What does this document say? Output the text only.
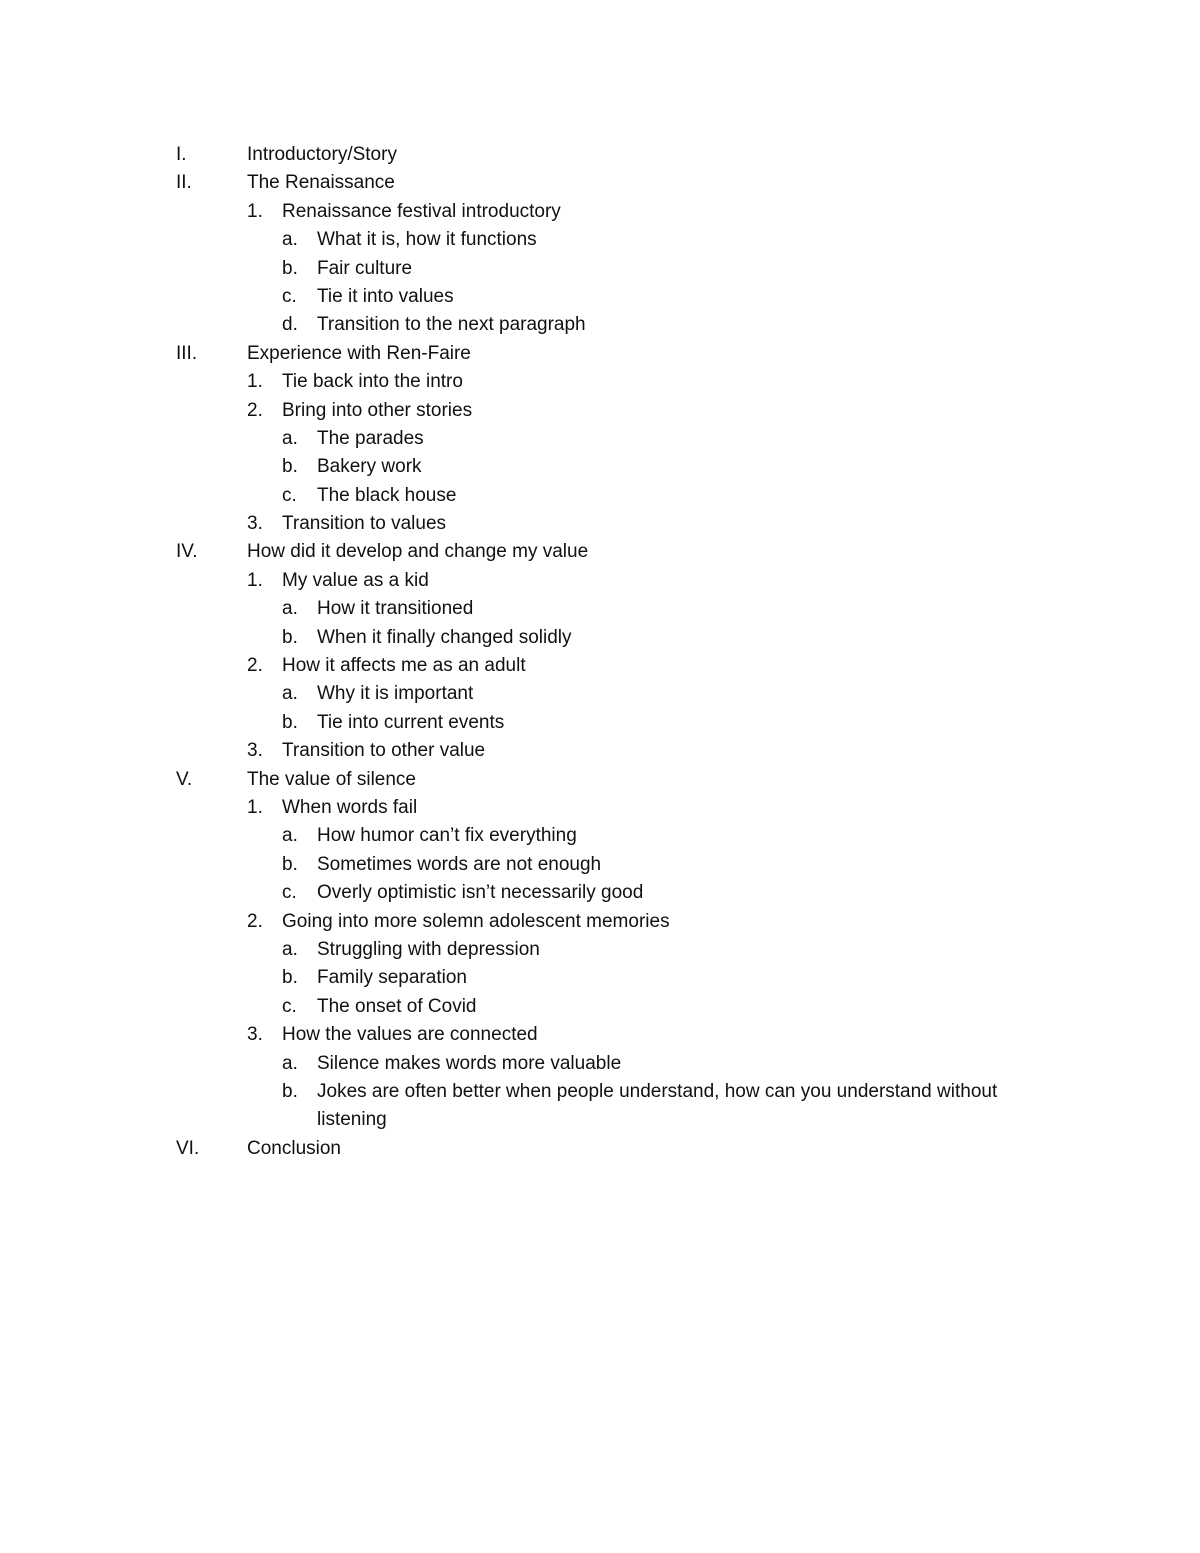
I.	Introductory/Story
II.	The Renaissance
1. Renaissance festival introductory
a. What it is, how it functions
b. Fair culture
c. Tie it into values
d. Transition to the next paragraph
III.	Experience with Ren-Faire
1. Tie back into the intro
2. Bring into other stories
a. The parades
b. Bakery work
c. The black house
3. Transition to values
IV.	How did it develop and change my value
1. My value as a kid
a. How it transitioned
b. When it finally changed solidly
2. How it affects me as an adult
a. Why it is important
b. Tie into current events
3. Transition to other value
V.	The value of silence
1. When words fail
a. How humor can’t fix everything
b. Sometimes words are not enough
c. Overly optimistic isn’t necessarily good
2. Going into more solemn adolescent memories
a. Struggling with depression
b. Family separation
c. The onset of Covid
3. How the values are connected
a. Silence makes words more valuable
b. Jokes are often better when people understand, how can you understand without listening
VI.	Conclusion
